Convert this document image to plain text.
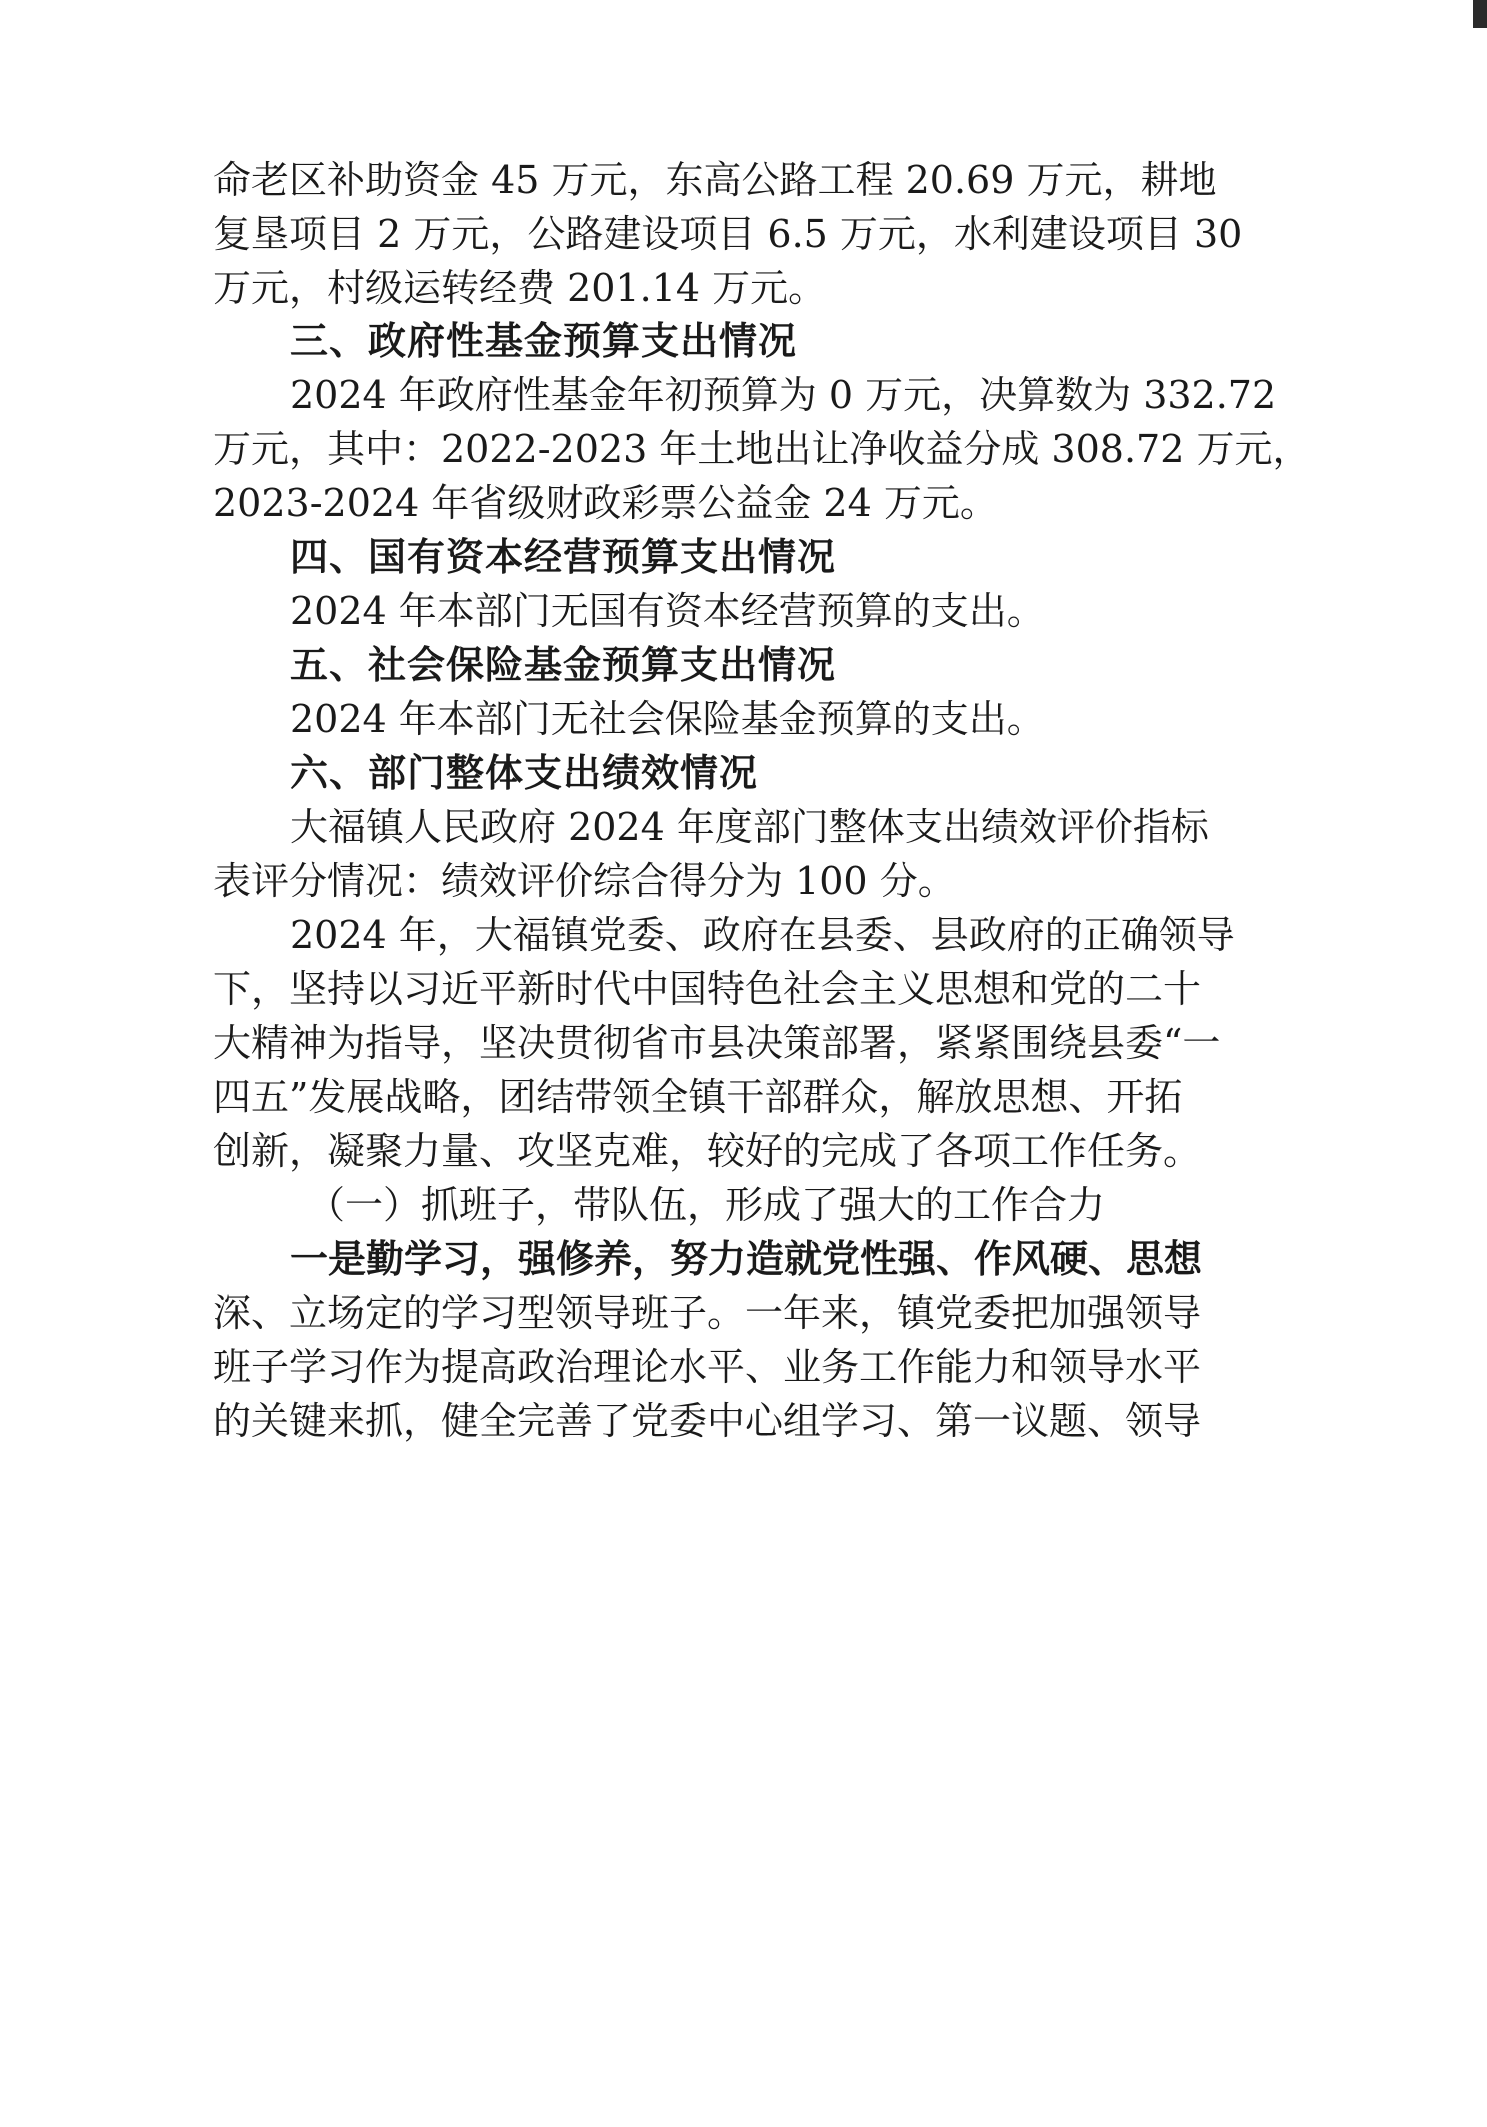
命老区补助资金 45 万元，东高公路工程 20.69 万元，耕地
复垦项目 2 万元，公路建设项目 6.5 万元，水利建设项目 30
万元，村级运转经费 201.14 万元。
三、政府性基金预算支出情况
2024 年政府性基金年初预算为 0 万元，决算数为 332.72
万元，其中：2022-2023 年土地出让净收益分成 308.72 万元，
2023-2024 年省级财政彩票公益金 24 万元。
四、国有资本经营预算支出情况
2024 年本部门无国有资本经营预算的支出。
五、社会保险基金预算支出情况
2024 年本部门无社会保险基金预算的支出。
六、部门整体支出绩效情况
大福镇人民政府 2024 年度部门整体支出绩效评价指标
表评分情况：绩效评价综合得分为 100 分。
2024 年，大福镇党委、政府在县委、县政府的正确领导
下，坚持以习近平新时代中国特色社会主义思想和党的二十
大精神为指导，坚决贯彻省市县决策部署，紧紧围绕县委“一
四五”发展战略，团结带领全镇干部群众，解放思想、开拓
创新，凝聚力量、攻坚克难，较好的完成了各项工作任务。
（一）抓班子，带队伍，形成了强大的工作合力
一是勤学习，强修养，努力造就党性强、作风硬、思想
深、立场定的学习型领导班子。一年来，镇党委把加强领导
班子学习作为提高政治理论水平、业务工作能力和领导水平
的关键来抓，健全完善了党委中心组学习、第一议题、领导
